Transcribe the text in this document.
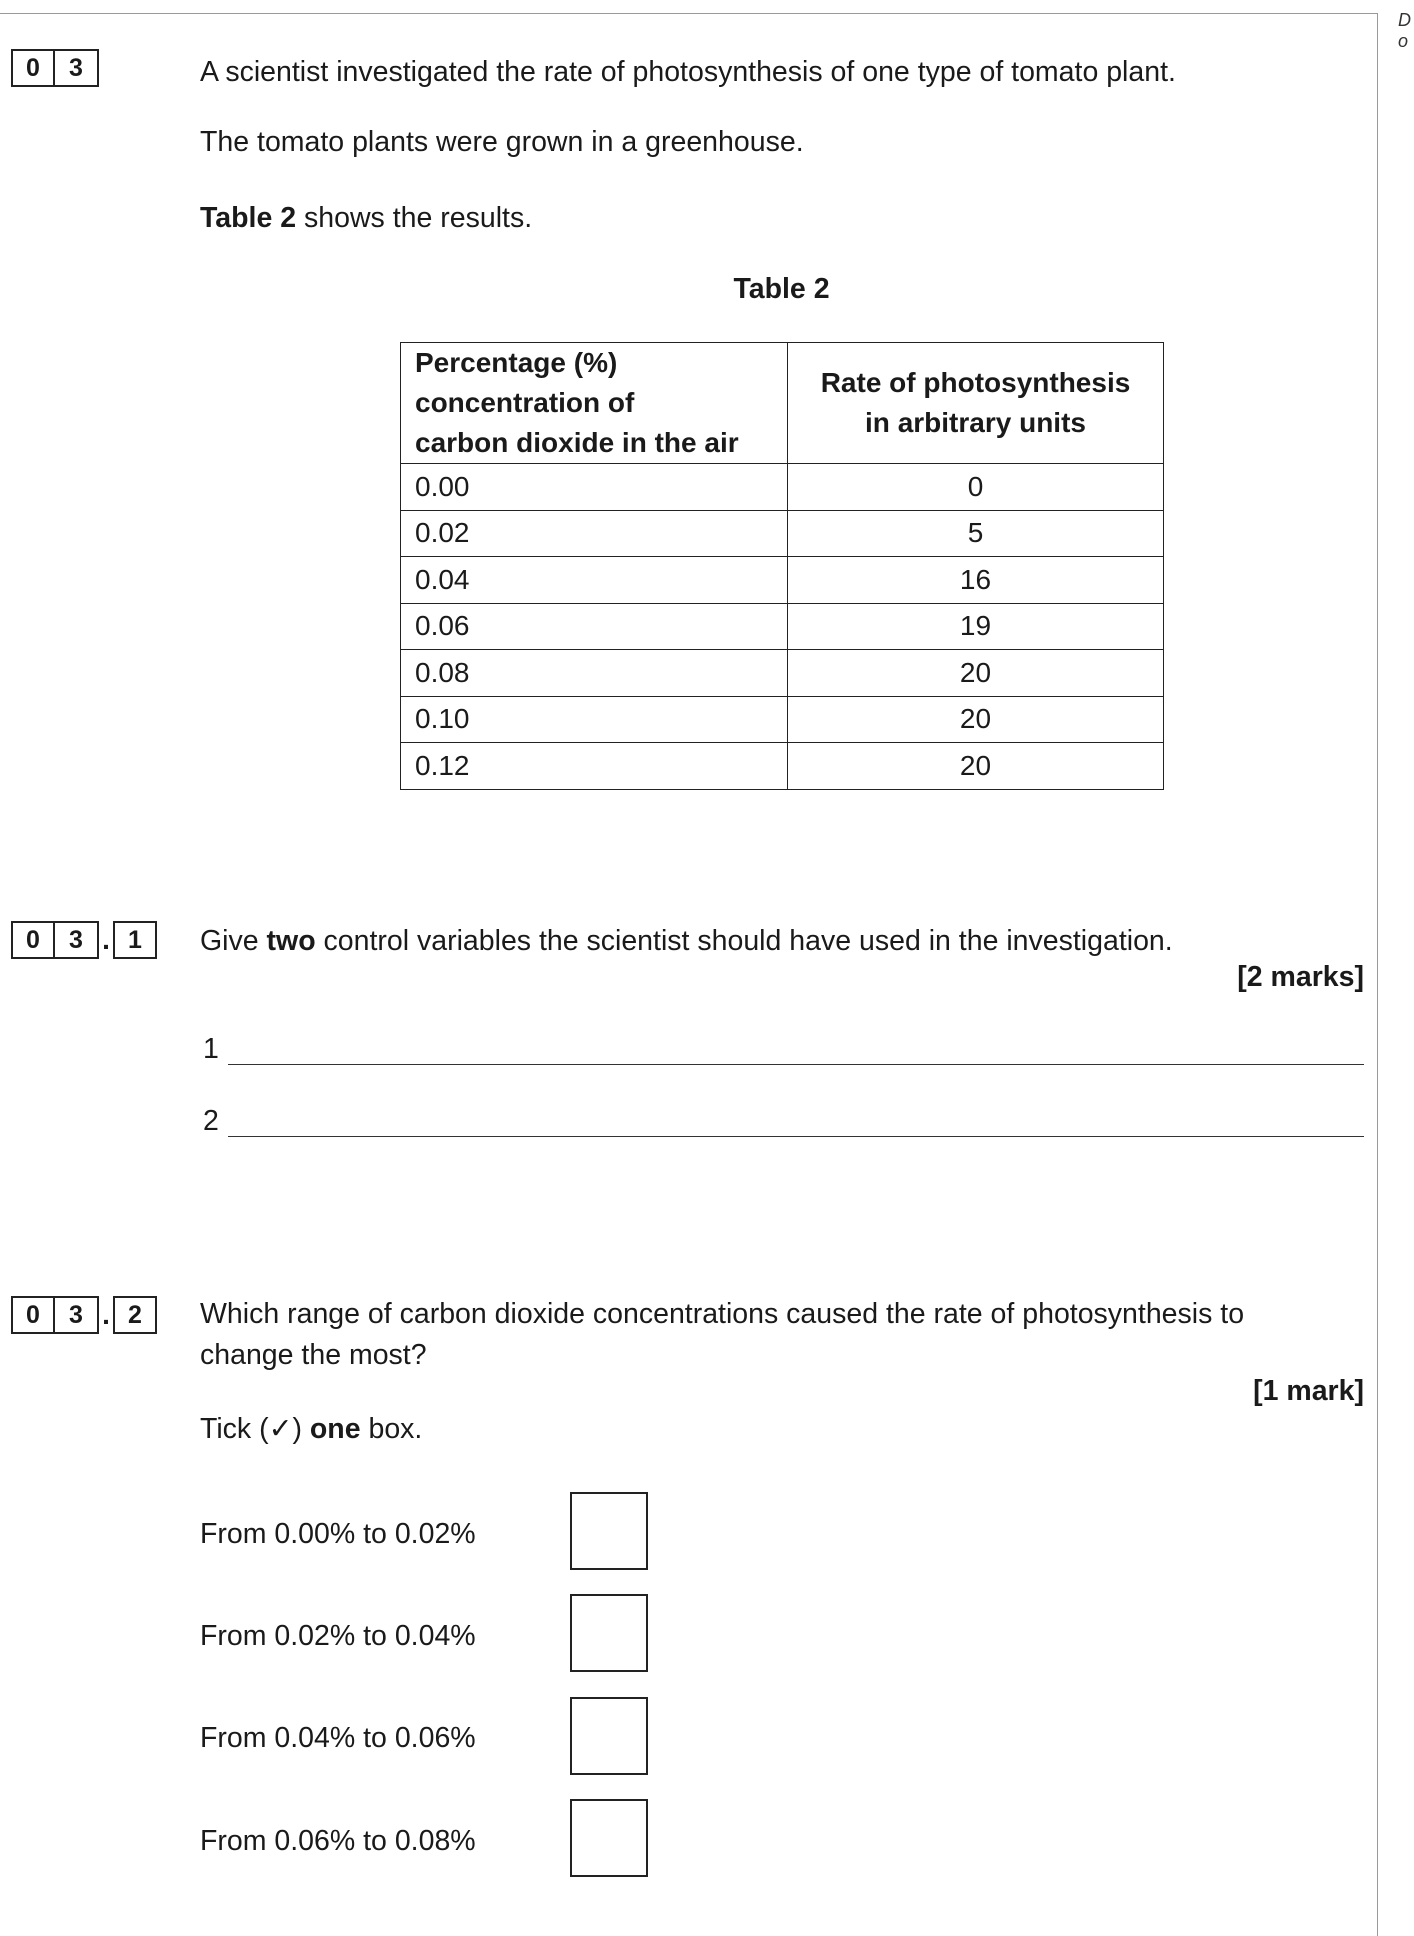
D
o
0	3	A scientist investigated the rate of photosynthesis of one type of tomato plant.
The tomato plants were grown in a greenhouse.
Table 2 shows the results.
Table 2
Percentage (%)
concentration of
carbon dioxide in the air	Rate of photosynthesis
in arbitrary units
0.00	0
0.02	5
0.04	16
0.06	19
0.08	20
0.10	20
0.12	20
0	3 . 1	Give two control variables the scientist should have used in the investigation.
[2 marks]
1
2
0	3 . 2	Which range of carbon dioxide concentrations caused the rate of photosynthesis to
change the most?
[1 mark]
Tick (✓) one box.
From 0.00% to 0.02%
From 0.02% to 0.04%
From 0.04% to 0.06%
From 0.06% to 0.08%
